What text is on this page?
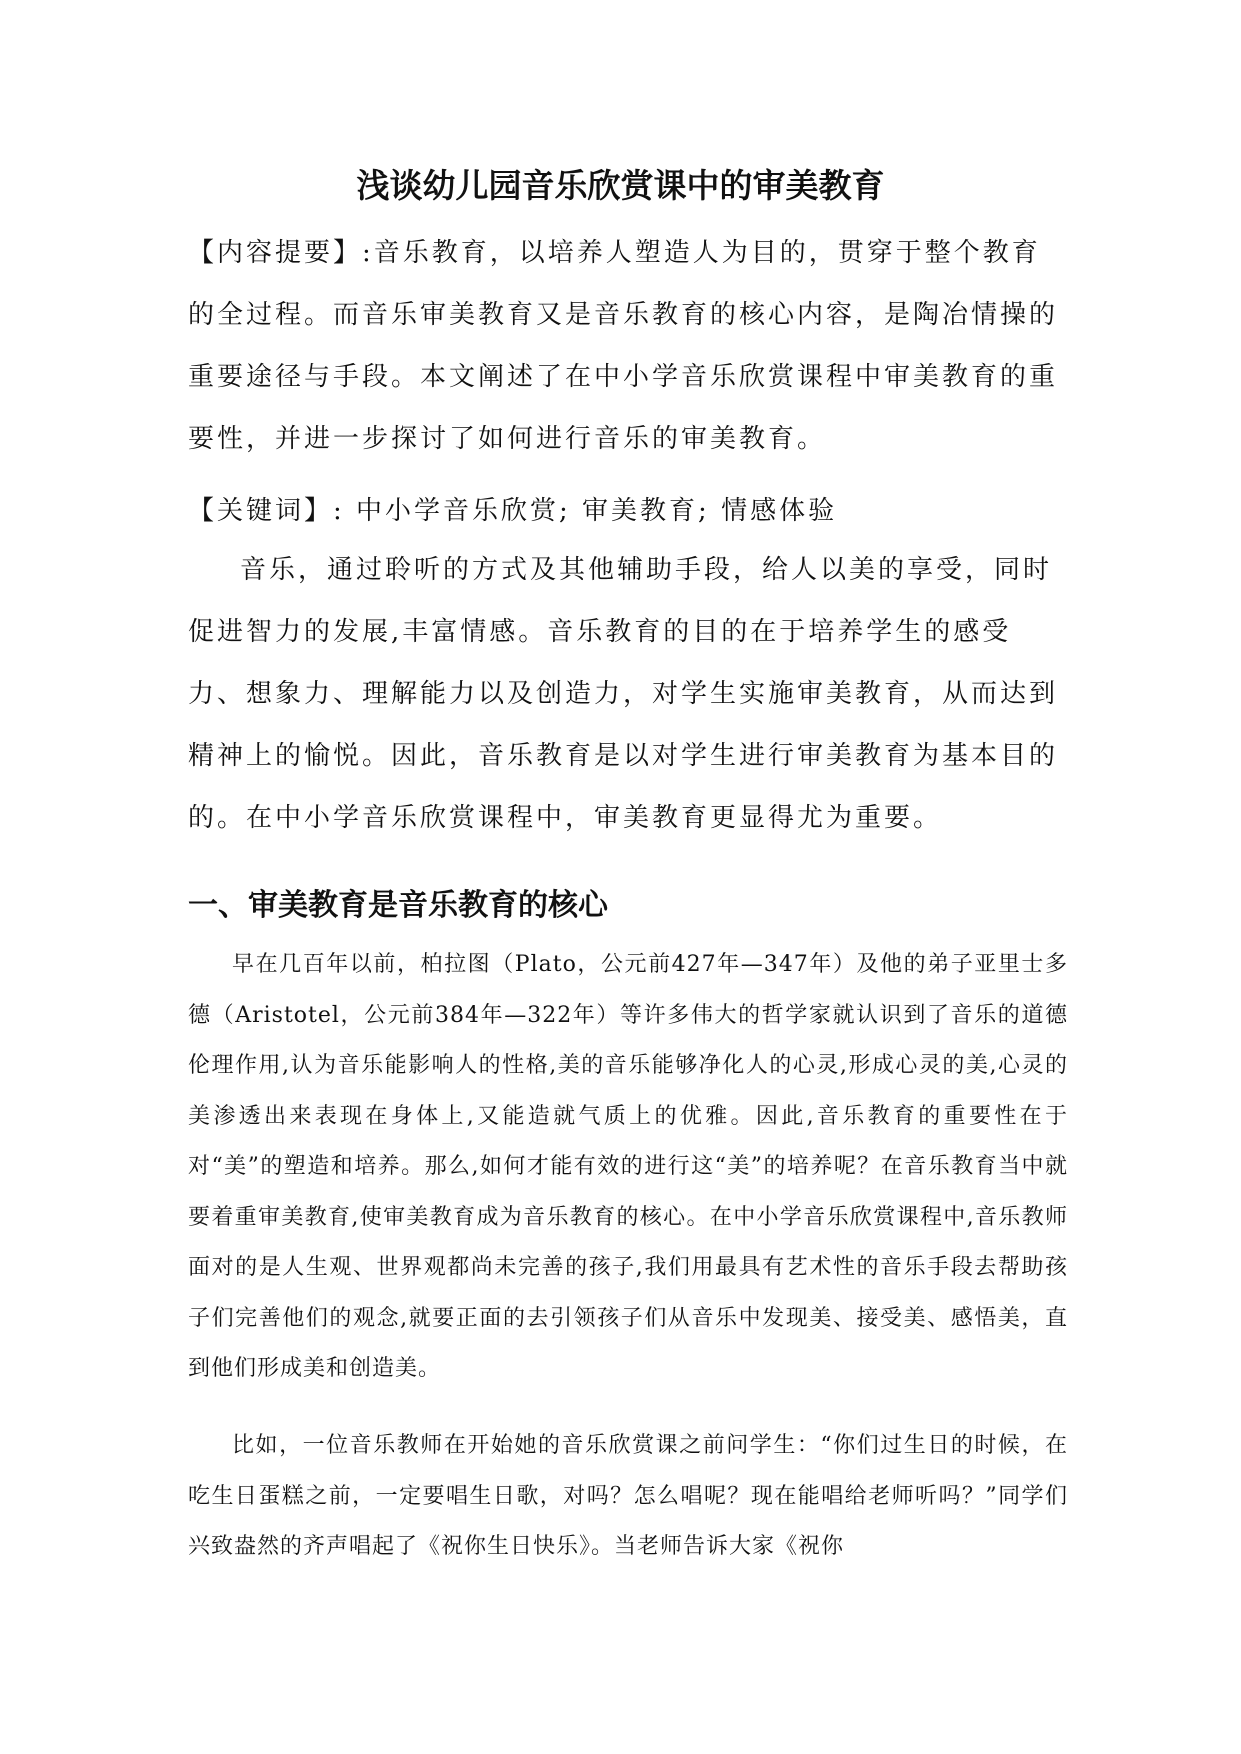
浅谈幼儿园音乐欣赏课中的审美教育

【内容提要】:音乐教育，以培养人塑造人为目的，贯穿于整个教育的全过程。而音乐审美教育又是音乐教育的核心内容，是陶冶情操的重要途径与手段。本文阐述了在中小学音乐欣赏课程中审美教育的重要性，并进一步探讨了如何进行音乐的审美教育。

【关键词】: 中小学音乐欣赏; 审美教育; 情感体验

音乐，通过聆听的方式及其他辅助手段，给人以美的享受，同时促进智力的发展,丰富情感。音乐教育的目的在于培养学生的感受力、想象力、理解能力以及创造力，对学生实施审美教育，从而达到精神上的愉悦。因此，音乐教育是以对学生进行审美教育为基本目的的。在中小学音乐欣赏课程中，审美教育更显得尤为重要。

一、审美教育是音乐教育的核心

早在几百年以前，柏拉图（Plato，公元前427年—347年）及他的弟子亚里士多德（Aristotel，公元前384年—322年）等许多伟大的哲学家就认识到了音乐的道德伦理作用,认为音乐能影响人的性格,美的音乐能够净化人的心灵,形成心灵的美,心灵的美渗透出来表现在身体上,又能造就气质上的优雅。因此,音乐教育的重要性在于对“美”的塑造和培养。那么,如何才能有效的进行这“美”的培养呢？在音乐教育当中就要着重审美教育,使审美教育成为音乐教育的核心。在中小学音乐欣赏课程中,音乐教师面对的是人生观、世界观都尚未完善的孩子,我们用最具有艺术性的音乐手段去帮助孩子们完善他们的观念,就要正面的去引领孩子们从音乐中发现美、接受美、感悟美，直到他们形成美和创造美。

比如，一位音乐教师在开始她的音乐欣赏课之前问学生：“你们过生日的时候，在吃生日蛋糕之前，一定要唱生日歌，对吗？怎么唱呢？现在能唱给老师听吗？”同学们兴致盎然的齐声唱起了《祝你生日快乐》。当老师告诉大家《祝你
